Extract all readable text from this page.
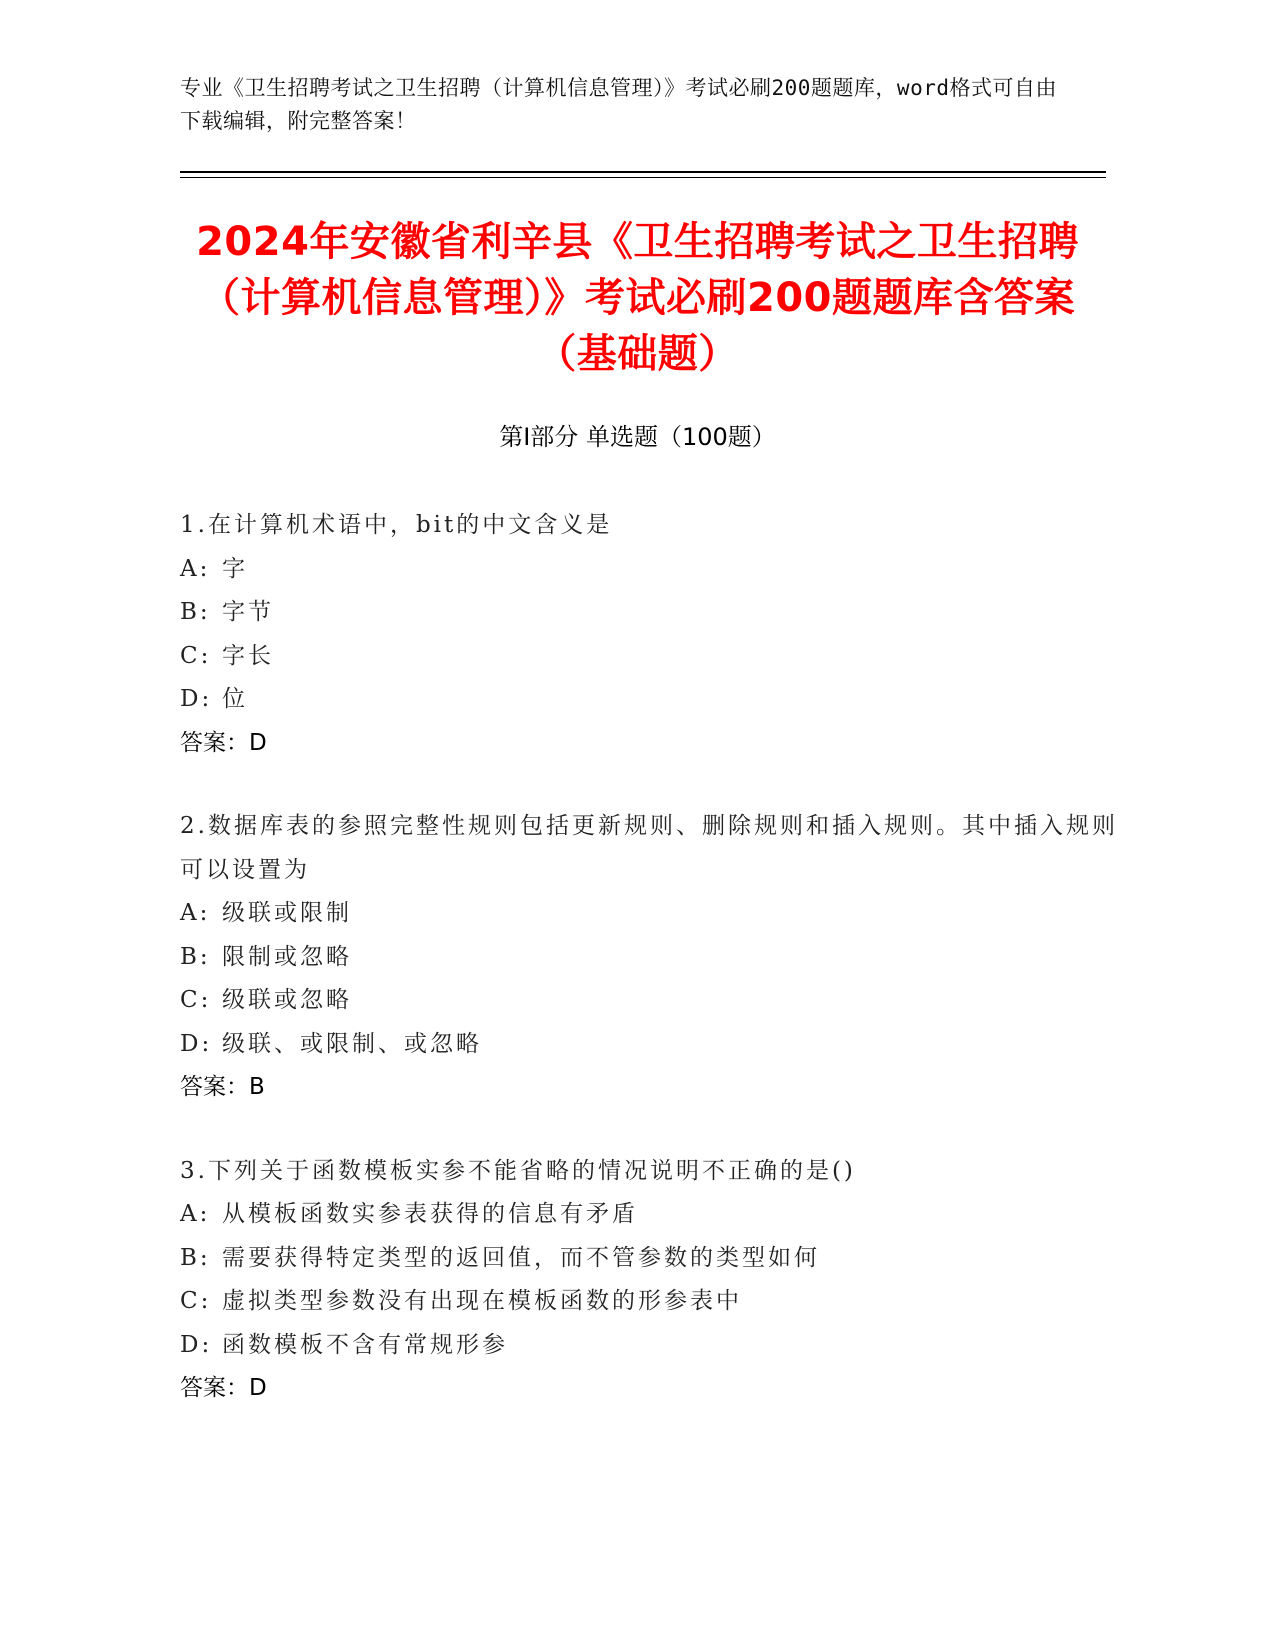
专业《卫生招聘考试之卫生招聘（计算机信息管理）》考试必刷200题题库，word格式可自由下载编辑，附完整答案！
2024年安徽省利辛县《卫生招聘考试之卫生招聘（计算机信息管理）》考试必刷200题题库含答案（基础题）
第Ⅰ部分 单选题（100题）
1.在计算机术语中，bit的中文含义是
A: 字
B: 字节
C: 字长
D: 位
答案：D
2.数据库表的参照完整性规则包括更新规则、删除规则和插入规则。其中插入规则可以设置为
A: 级联或限制
B: 限制或忽略
C: 级联或忽略
D: 级联、或限制、或忽略
答案：B
3.下列关于函数模板实参不能省略的情况说明不正确的是()
A: 从模板函数实参表获得的信息有矛盾
B: 需要获得特定类型的返回值，而不管参数的类型如何
C: 虚拟类型参数没有出现在模板函数的形参表中
D: 函数模板不含有常规形参
答案：D
